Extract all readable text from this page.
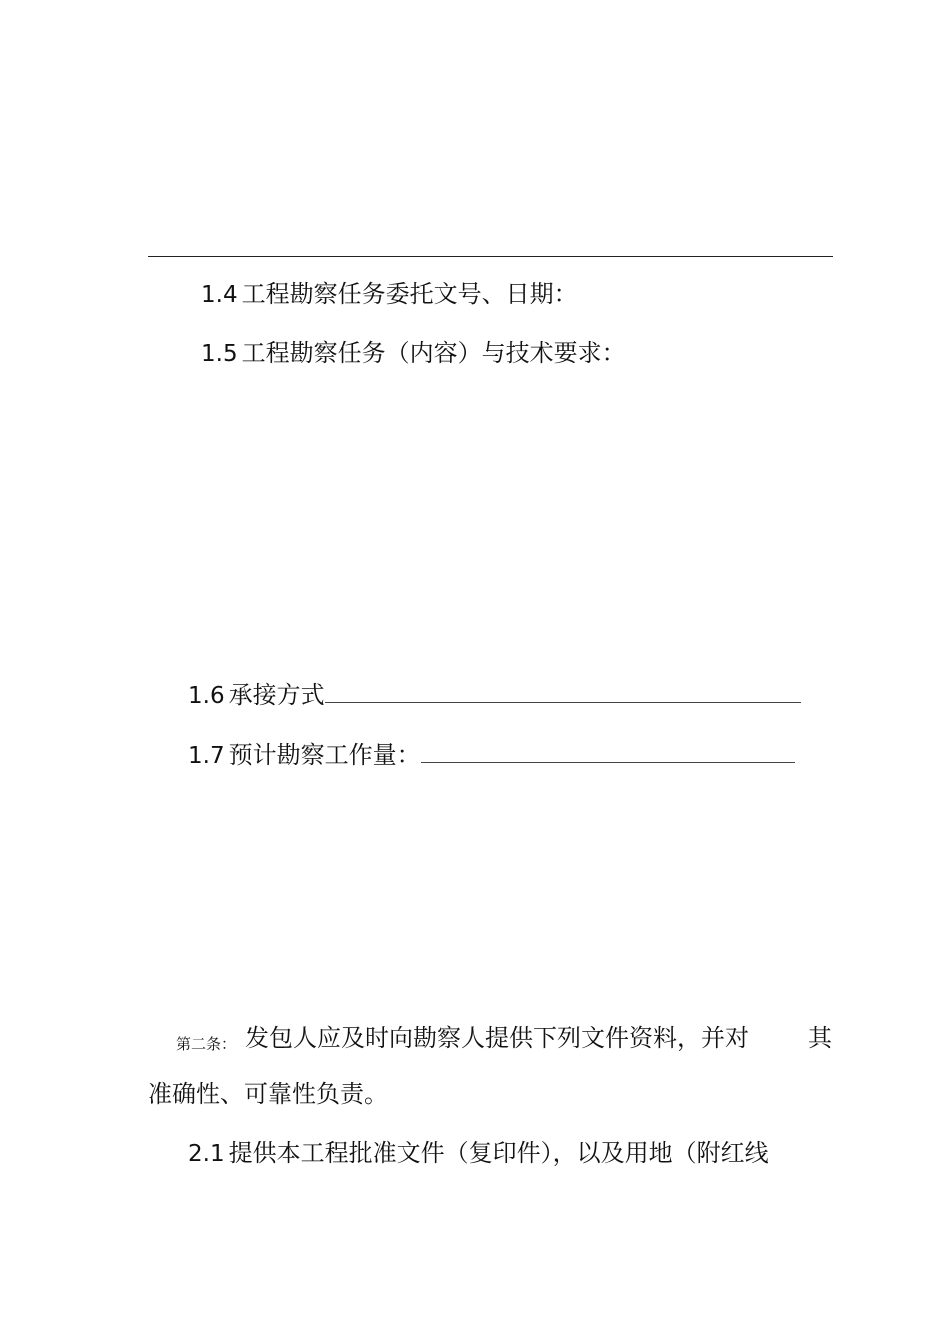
1.4 工程勘察任务委托文号、日期：
1.5 工程勘察任务（内容）与技术要求：
1.6 承接方式
1.7 预计勘察工作量：
第二条： 发包人应及时向勘察人提供下列文件资料，并对 其
准确性、可靠性负责。
2.1 提供本工程批准文件（复印件），以及用地（附红线
